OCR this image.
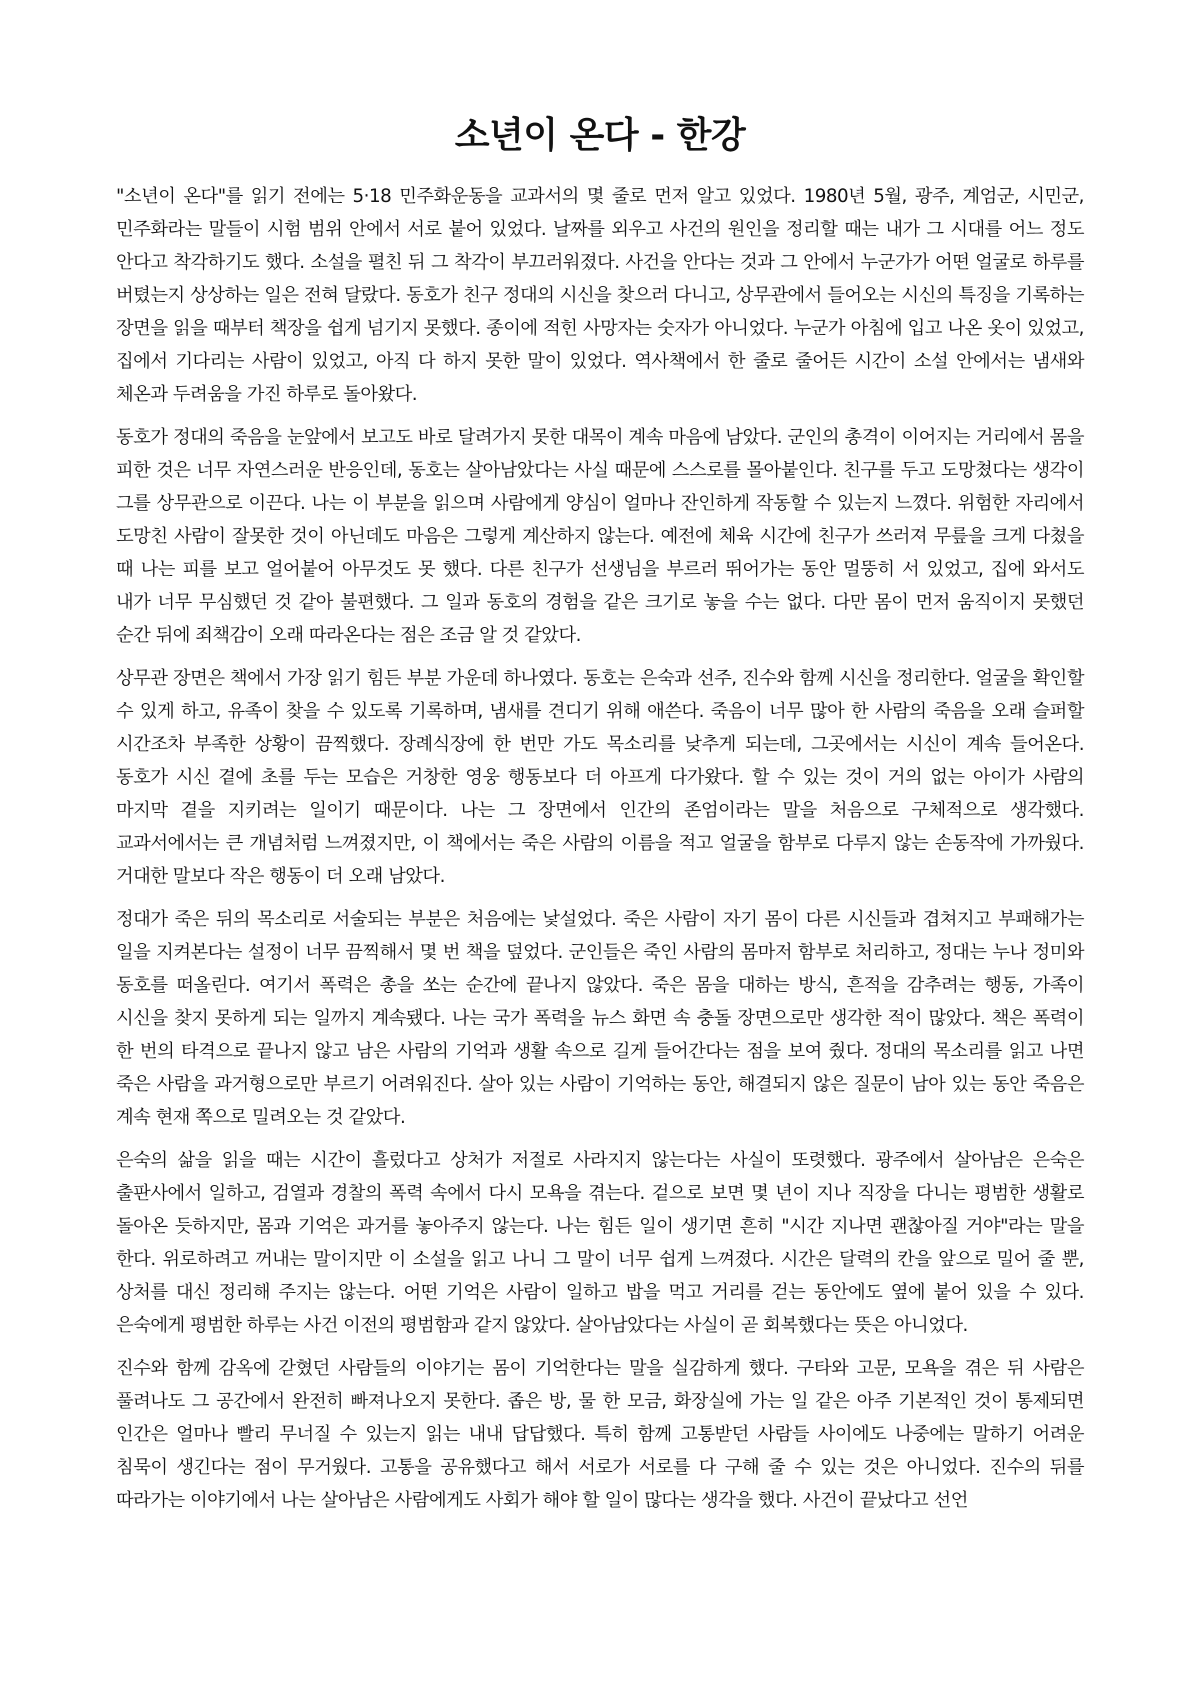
소년이 온다 - 한강

"소년이 온다"를 읽기 전에는 5·18 민주화운동을 교과서의 몇 줄로 먼저 알고 있었다. 1980년 5월, 광주, 계엄군, 시민군, 민주화라는 말들이 시험 범위 안에서 서로 붙어 있었다. 날짜를 외우고 사건의 원인을 정리할 때는 내가 그 시대를 어느 정도 안다고 착각하기도 했다. 소설을 펼친 뒤 그 착각이 부끄러워졌다. 사건을 안다는 것과 그 안에서 누군가가 어떤 얼굴로 하루를 버텼는지 상상하는 일은 전혀 달랐다. 동호가 친구 정대의 시신을 찾으러 다니고, 상무관에서 들어오는 시신의 특징을 기록하는 장면을 읽을 때부터 책장을 쉽게 넘기지 못했다. 종이에 적힌 사망자는 숫자가 아니었다. 누군가 아침에 입고 나온 옷이 있었고, 집에서 기다리는 사람이 있었고, 아직 다 하지 못한 말이 있었다. 역사책에서 한 줄로 줄어든 시간이 소설 안에서는 냄새와 체온과 두려움을 가진 하루로 돌아왔다.

동호가 정대의 죽음을 눈앞에서 보고도 바로 달려가지 못한 대목이 계속 마음에 남았다. 군인의 총격이 이어지는 거리에서 몸을 피한 것은 너무 자연스러운 반응인데, 동호는 살아남았다는 사실 때문에 스스로를 몰아붙인다. 친구를 두고 도망쳤다는 생각이 그를 상무관으로 이끈다. 나는 이 부분을 읽으며 사람에게 양심이 얼마나 잔인하게 작동할 수 있는지 느꼈다. 위험한 자리에서 도망친 사람이 잘못한 것이 아닌데도 마음은 그렇게 계산하지 않는다. 예전에 체육 시간에 친구가 쓰러져 무릎을 크게 다쳤을 때 나는 피를 보고 얼어붙어 아무것도 못 했다. 다른 친구가 선생님을 부르러 뛰어가는 동안 멀뚱히 서 있었고, 집에 와서도 내가 너무 무심했던 것 같아 불편했다. 그 일과 동호의 경험을 같은 크기로 놓을 수는 없다. 다만 몸이 먼저 움직이지 못했던 순간 뒤에 죄책감이 오래 따라온다는 점은 조금 알 것 같았다.

상무관 장면은 책에서 가장 읽기 힘든 부분 가운데 하나였다. 동호는 은숙과 선주, 진수와 함께 시신을 정리한다. 얼굴을 확인할 수 있게 하고, 유족이 찾을 수 있도록 기록하며, 냄새를 견디기 위해 애쓴다. 죽음이 너무 많아 한 사람의 죽음을 오래 슬퍼할 시간조차 부족한 상황이 끔찍했다. 장례식장에 한 번만 가도 목소리를 낮추게 되는데, 그곳에서는 시신이 계속 들어온다. 동호가 시신 곁에 초를 두는 모습은 거창한 영웅 행동보다 더 아프게 다가왔다. 할 수 있는 것이 거의 없는 아이가 사람의 마지막 곁을 지키려는 일이기 때문이다. 나는 그 장면에서 인간의 존엄이라는 말을 처음으로 구체적으로 생각했다. 교과서에서는 큰 개념처럼 느껴졌지만, 이 책에서는 죽은 사람의 이름을 적고 얼굴을 함부로 다루지 않는 손동작에 가까웠다. 거대한 말보다 작은 행동이 더 오래 남았다.

정대가 죽은 뒤의 목소리로 서술되는 부분은 처음에는 낯설었다. 죽은 사람이 자기 몸이 다른 시신들과 겹쳐지고 부패해가는 일을 지켜본다는 설정이 너무 끔찍해서 몇 번 책을 덮었다. 군인들은 죽인 사람의 몸마저 함부로 처리하고, 정대는 누나 정미와 동호를 떠올린다. 여기서 폭력은 총을 쏘는 순간에 끝나지 않았다. 죽은 몸을 대하는 방식, 흔적을 감추려는 행동, 가족이 시신을 찾지 못하게 되는 일까지 계속됐다. 나는 국가 폭력을 뉴스 화면 속 충돌 장면으로만 생각한 적이 많았다. 책은 폭력이 한 번의 타격으로 끝나지 않고 남은 사람의 기억과 생활 속으로 길게 들어간다는 점을 보여 줬다. 정대의 목소리를 읽고 나면 죽은 사람을 과거형으로만 부르기 어려워진다. 살아 있는 사람이 기억하는 동안, 해결되지 않은 질문이 남아 있는 동안 죽음은 계속 현재 쪽으로 밀려오는 것 같았다.

은숙의 삶을 읽을 때는 시간이 흘렀다고 상처가 저절로 사라지지 않는다는 사실이 또렷했다. 광주에서 살아남은 은숙은 출판사에서 일하고, 검열과 경찰의 폭력 속에서 다시 모욕을 겪는다. 겉으로 보면 몇 년이 지나 직장을 다니는 평범한 생활로 돌아온 듯하지만, 몸과 기억은 과거를 놓아주지 않는다. 나는 힘든 일이 생기면 흔히 "시간 지나면 괜찮아질 거야"라는 말을 한다. 위로하려고 꺼내는 말이지만 이 소설을 읽고 나니 그 말이 너무 쉽게 느껴졌다. 시간은 달력의 칸을 앞으로 밀어 줄 뿐, 상처를 대신 정리해 주지는 않는다. 어떤 기억은 사람이 일하고 밥을 먹고 거리를 걷는 동안에도 옆에 붙어 있을 수 있다. 은숙에게 평범한 하루는 사건 이전의 평범함과 같지 않았다. 살아남았다는 사실이 곧 회복했다는 뜻은 아니었다.

진수와 함께 감옥에 갇혔던 사람들의 이야기는 몸이 기억한다는 말을 실감하게 했다. 구타와 고문, 모욕을 겪은 뒤 사람은 풀려나도 그 공간에서 완전히 빠져나오지 못한다. 좁은 방, 물 한 모금, 화장실에 가는 일 같은 아주 기본적인 것이 통제되면 인간은 얼마나 빨리 무너질 수 있는지 읽는 내내 답답했다. 특히 함께 고통받던 사람들 사이에도 나중에는 말하기 어려운 침묵이 생긴다는 점이 무거웠다. 고통을 공유했다고 해서 서로가 서로를 다 구해 줄 수 있는 것은 아니었다. 진수의 뒤를 따라가는 이야기에서 나는 살아남은 사람에게도 사회가 해야 할 일이 많다는 생각을 했다. 사건이 끝났다고 선언
